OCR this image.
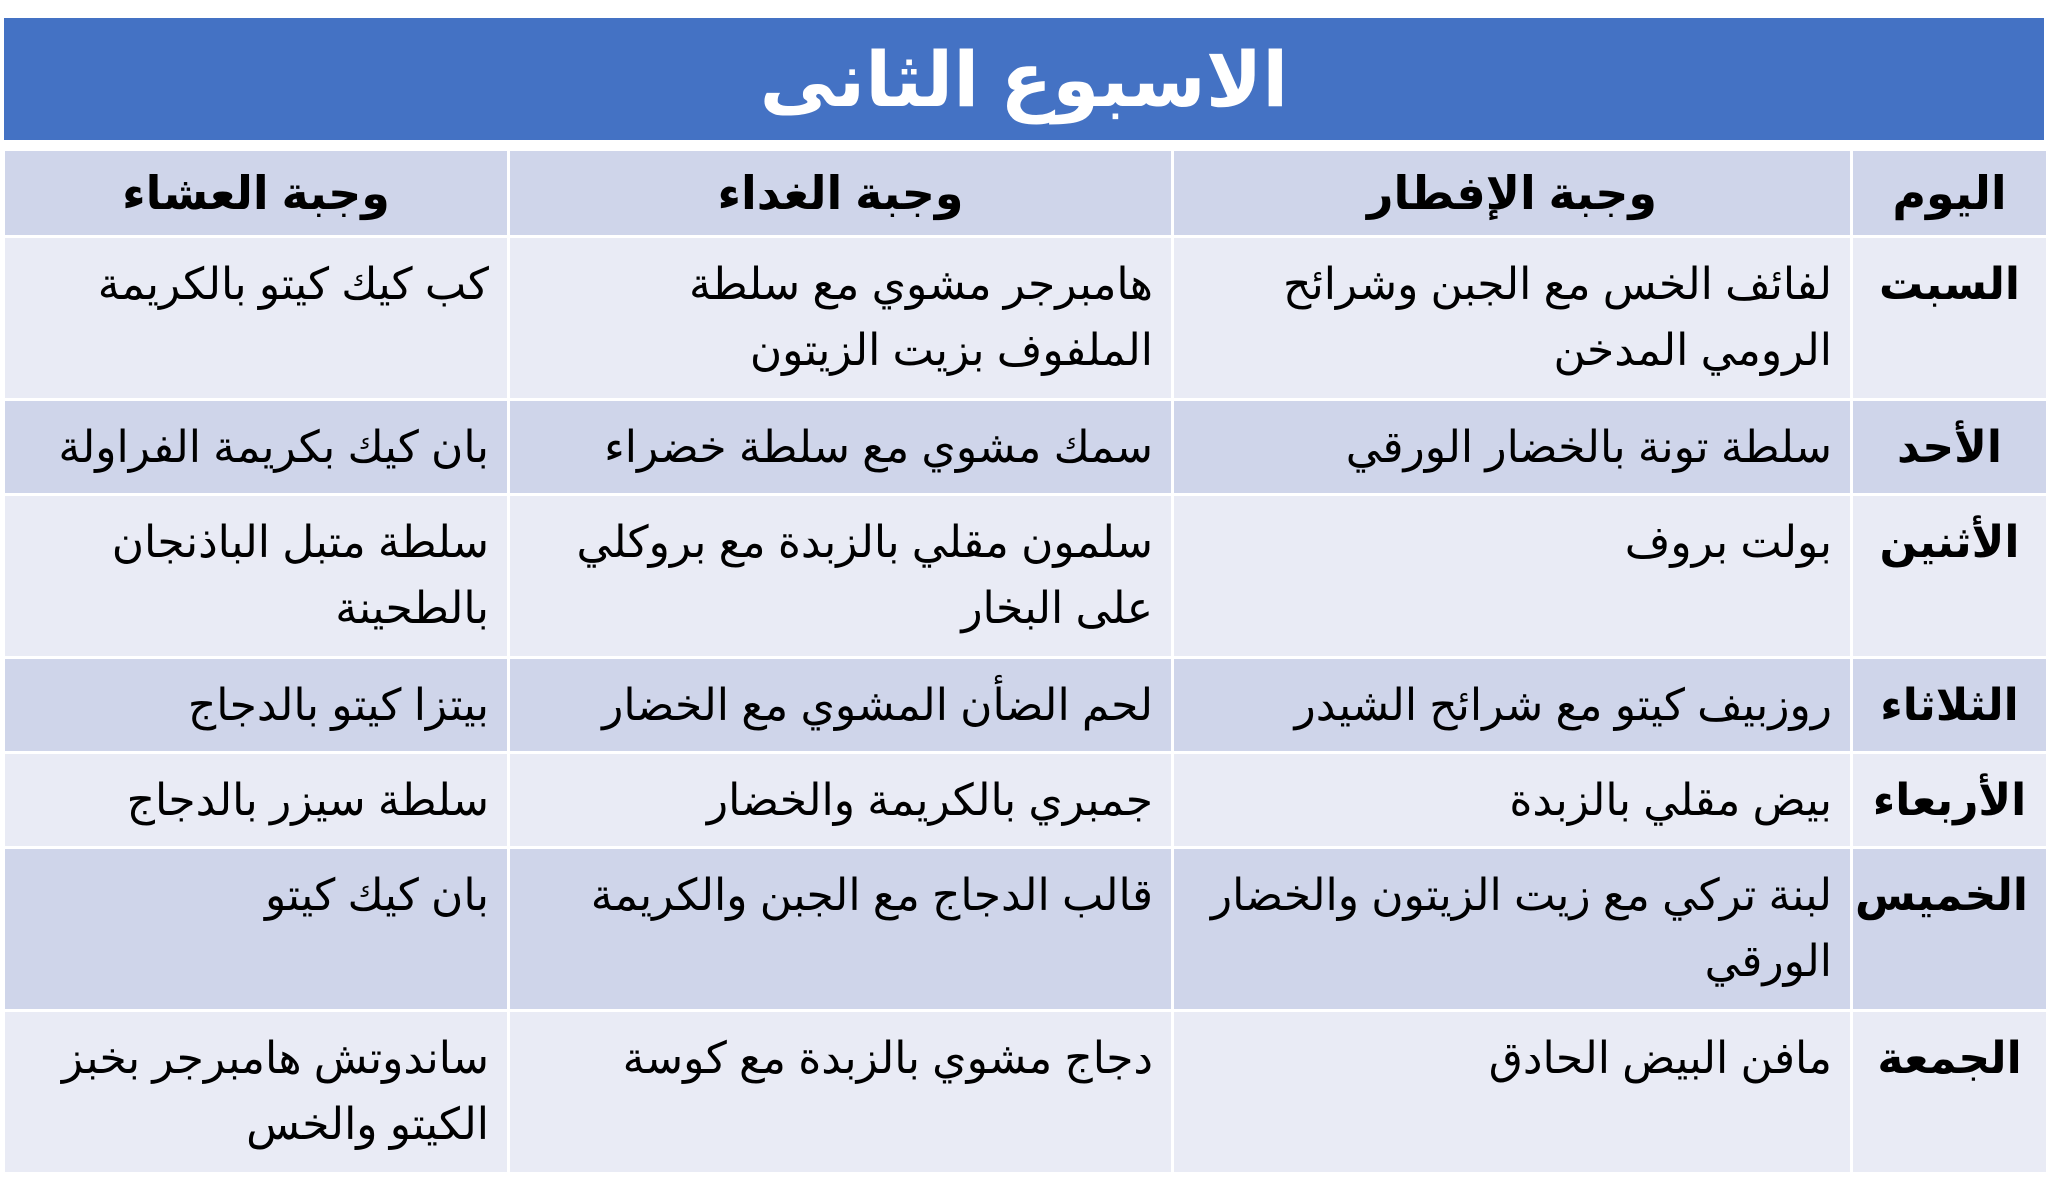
الاسبوع الثانى
اليوم	وجبة الإفطار	وجبة الغداء	وجبة العشاء
السبت	لفائف الخس مع الجبن وشرائح الرومي المدخن	هامبرجر مشوي مع سلطة الملفوف بزيت الزيتون	كب كيك كيتو بالكريمة
الأحد	سلطة تونة بالخضار الورقي	سمك مشوي مع سلطة خضراء	بان كيك بكريمة الفراولة
الأثنين	بولت بروف	سلمون مقلي بالزبدة مع بروكلي على البخار	سلطة متبل الباذنجان بالطحينة
الثلاثاء	روزبيف كيتو مع شرائح الشيدر	لحم الضأن المشوي مع الخضار	بيتزا كيتو بالدجاج
الأربعاء	بيض مقلي بالزبدة	جمبري بالكريمة والخضار	سلطة سيزر بالدجاج
الخميس	لبنة تركي مع زيت الزيتون والخضار الورقي	قالب الدجاج مع الجبن والكريمة	بان كيك كيتو
الجمعة	مافن البيض الحادق	دجاج مشوي بالزبدة مع كوسة	ساندوتش هامبرجر بخبز الكيتو والخس
